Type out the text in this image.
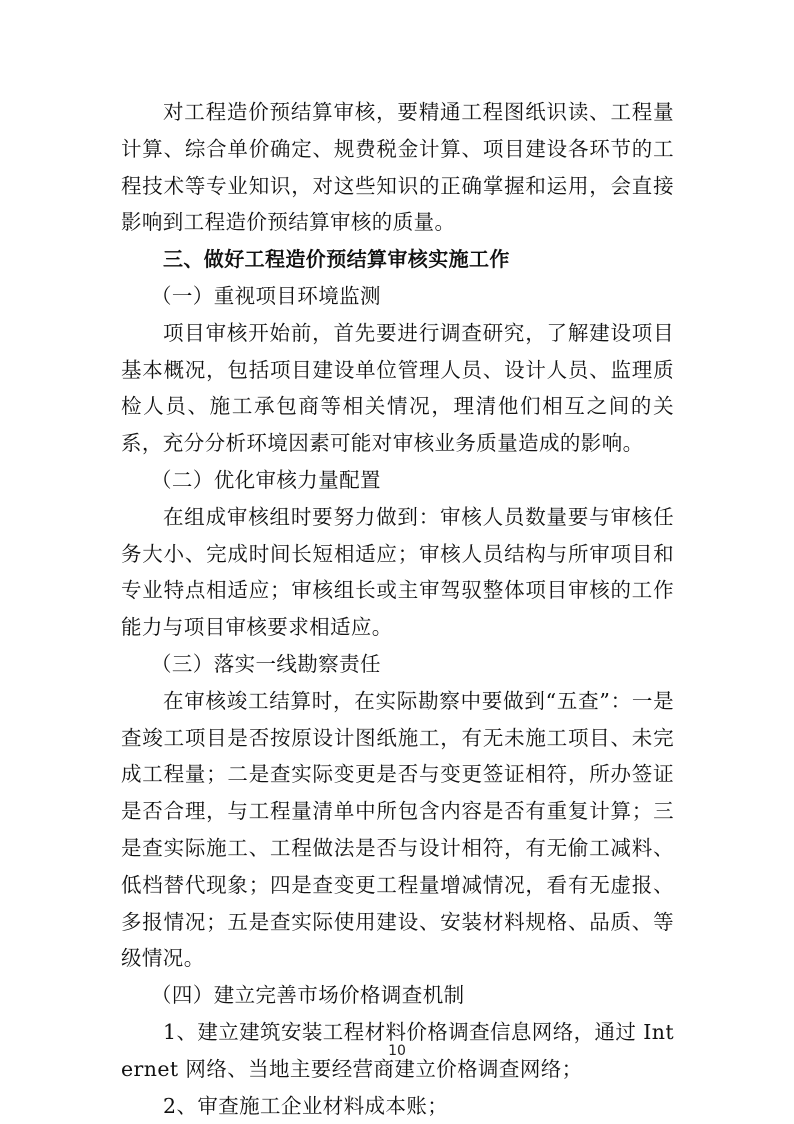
对工程造价预结算审核，要精通工程图纸识读、工程量计算、综合单价确定、规费税金计算、项目建设各环节的工程技术等专业知识，对这些知识的正确掌握和运用，会直接影响到工程造价预结算审核的质量。

三、做好工程造价预结算审核实施工作

（一）重视项目环境监测

项目审核开始前，首先要进行调查研究，了解建设项目基本概况，包括项目建设单位管理人员、设计人员、监理质检人员、施工承包商等相关情况，理清他们相互之间的关系，充分分析环境因素可能对审核业务质量造成的影响。

（二）优化审核力量配置

在组成审核组时要努力做到：审核人员数量要与审核任务大小、完成时间长短相适应；审核人员结构与所审项目和专业特点相适应；审核组长或主审驾驭整体项目审核的工作能力与项目审核要求相适应。

（三）落实一线勘察责任

在审核竣工结算时，在实际勘察中要做到“五查”：一是查竣工项目是否按原设计图纸施工，有无未施工项目、未完成工程量；二是查实际变更是否与变更签证相符，所办签证是否合理，与工程量清单中所包含内容是否有重复计算；三是查实际施工、工程做法是否与设计相符，有无偷工减料、低档替代现象；四是查变更工程量增减情况，看有无虚报、多报情况；五是查实际使用建设、安装材料规格、品质、等级情况。

（四）建立完善市场价格调查机制

1、建立建筑安装工程材料价格调查信息网络，通过 Internet 网络、当地主要经营商建立价格调查网络；

2、审查施工企业材料成本账；

10
